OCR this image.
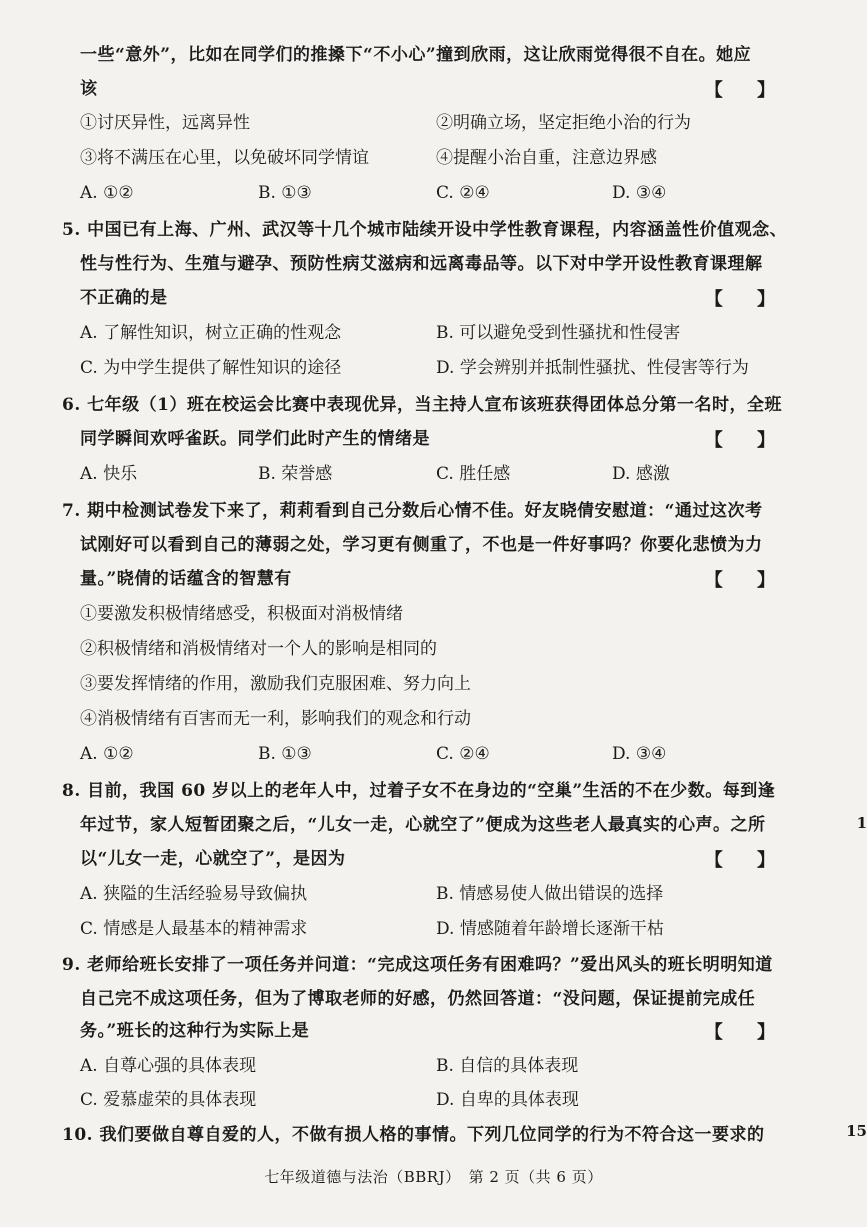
一些“意外”，比如在同学们的推搡下“不小心”撞到欣雨，这让欣雨觉得很不自在。她应
该	【 】
①讨厌异性，远离异性	②明确立场，坚定拒绝小治的行为
③将不满压在心里，以免破坏同学情谊	④提醒小治自重，注意边界感
A. ①②	B. ①③	C. ②④	D. ③④
5. 中国已有上海、广州、武汉等十几个城市陆续开设中学性教育课程，内容涵盖性价值观念、
性与性行为、生殖与避孕、预防性病艾滋病和远离毒品等。以下对中学开设性教育课理解
不正确的是	【 】
A. 了解性知识，树立正确的性观念	B. 可以避免受到性骚扰和性侵害
C. 为中学生提供了解性知识的途径	D. 学会辨别并抵制性骚扰、性侵害等行为
6. 七年级（1）班在校运会比赛中表现优异，当主持人宣布该班获得团体总分第一名时，全班
同学瞬间欢呼雀跃。同学们此时产生的情绪是	【 】
A. 快乐	B. 荣誉感	C. 胜任感	D. 感激
7. 期中检测试卷发下来了，莉莉看到自己分数后心情不佳。好友晓倩安慰道：“通过这次考
试刚好可以看到自己的薄弱之处，学习更有侧重了，不也是一件好事吗？你要化悲愤为力
量。”晓倩的话蕴含的智慧有	【 】
①要激发积极情绪感受，积极面对消极情绪
②积极情绪和消极情绪对一个人的影响是相同的
③要发挥情绪的作用，激励我们克服困难、努力向上
④消极情绪有百害而无一利，影响我们的观念和行动
A. ①②	B. ①③	C. ②④	D. ③④
8. 目前，我国 60 岁以上的老年人中，过着子女不在身边的“空巢”生活的不在少数。每到逢
年过节，家人短暂团聚之后，“儿女一走，心就空了”便成为这些老人最真实的心声。之所
以“儿女一走，心就空了”，是因为	【 】
A. 狭隘的生活经验易导致偏执	B. 情感易使人做出错误的选择
C. 情感是人最基本的精神需求	D. 情感随着年龄增长逐渐干枯
9. 老师给班长安排了一项任务并问道：“完成这项任务有困难吗？”爱出风头的班长明明知道
自己完不成这项任务，但为了博取老师的好感，仍然回答道：“没问题，保证提前完成任
务。”班长的这种行为实际上是	【 】
A. 自尊心强的具体表现	B. 自信的具体表现
C. 爱慕虚荣的具体表现	D. 自卑的具体表现
10. 我们要做自尊自爱的人，不做有损人格的事情。下列几位同学的行为不符合这一要求的
七年级道德与法治（BBRJ）　第 2 页（共 6 页）
1
15
